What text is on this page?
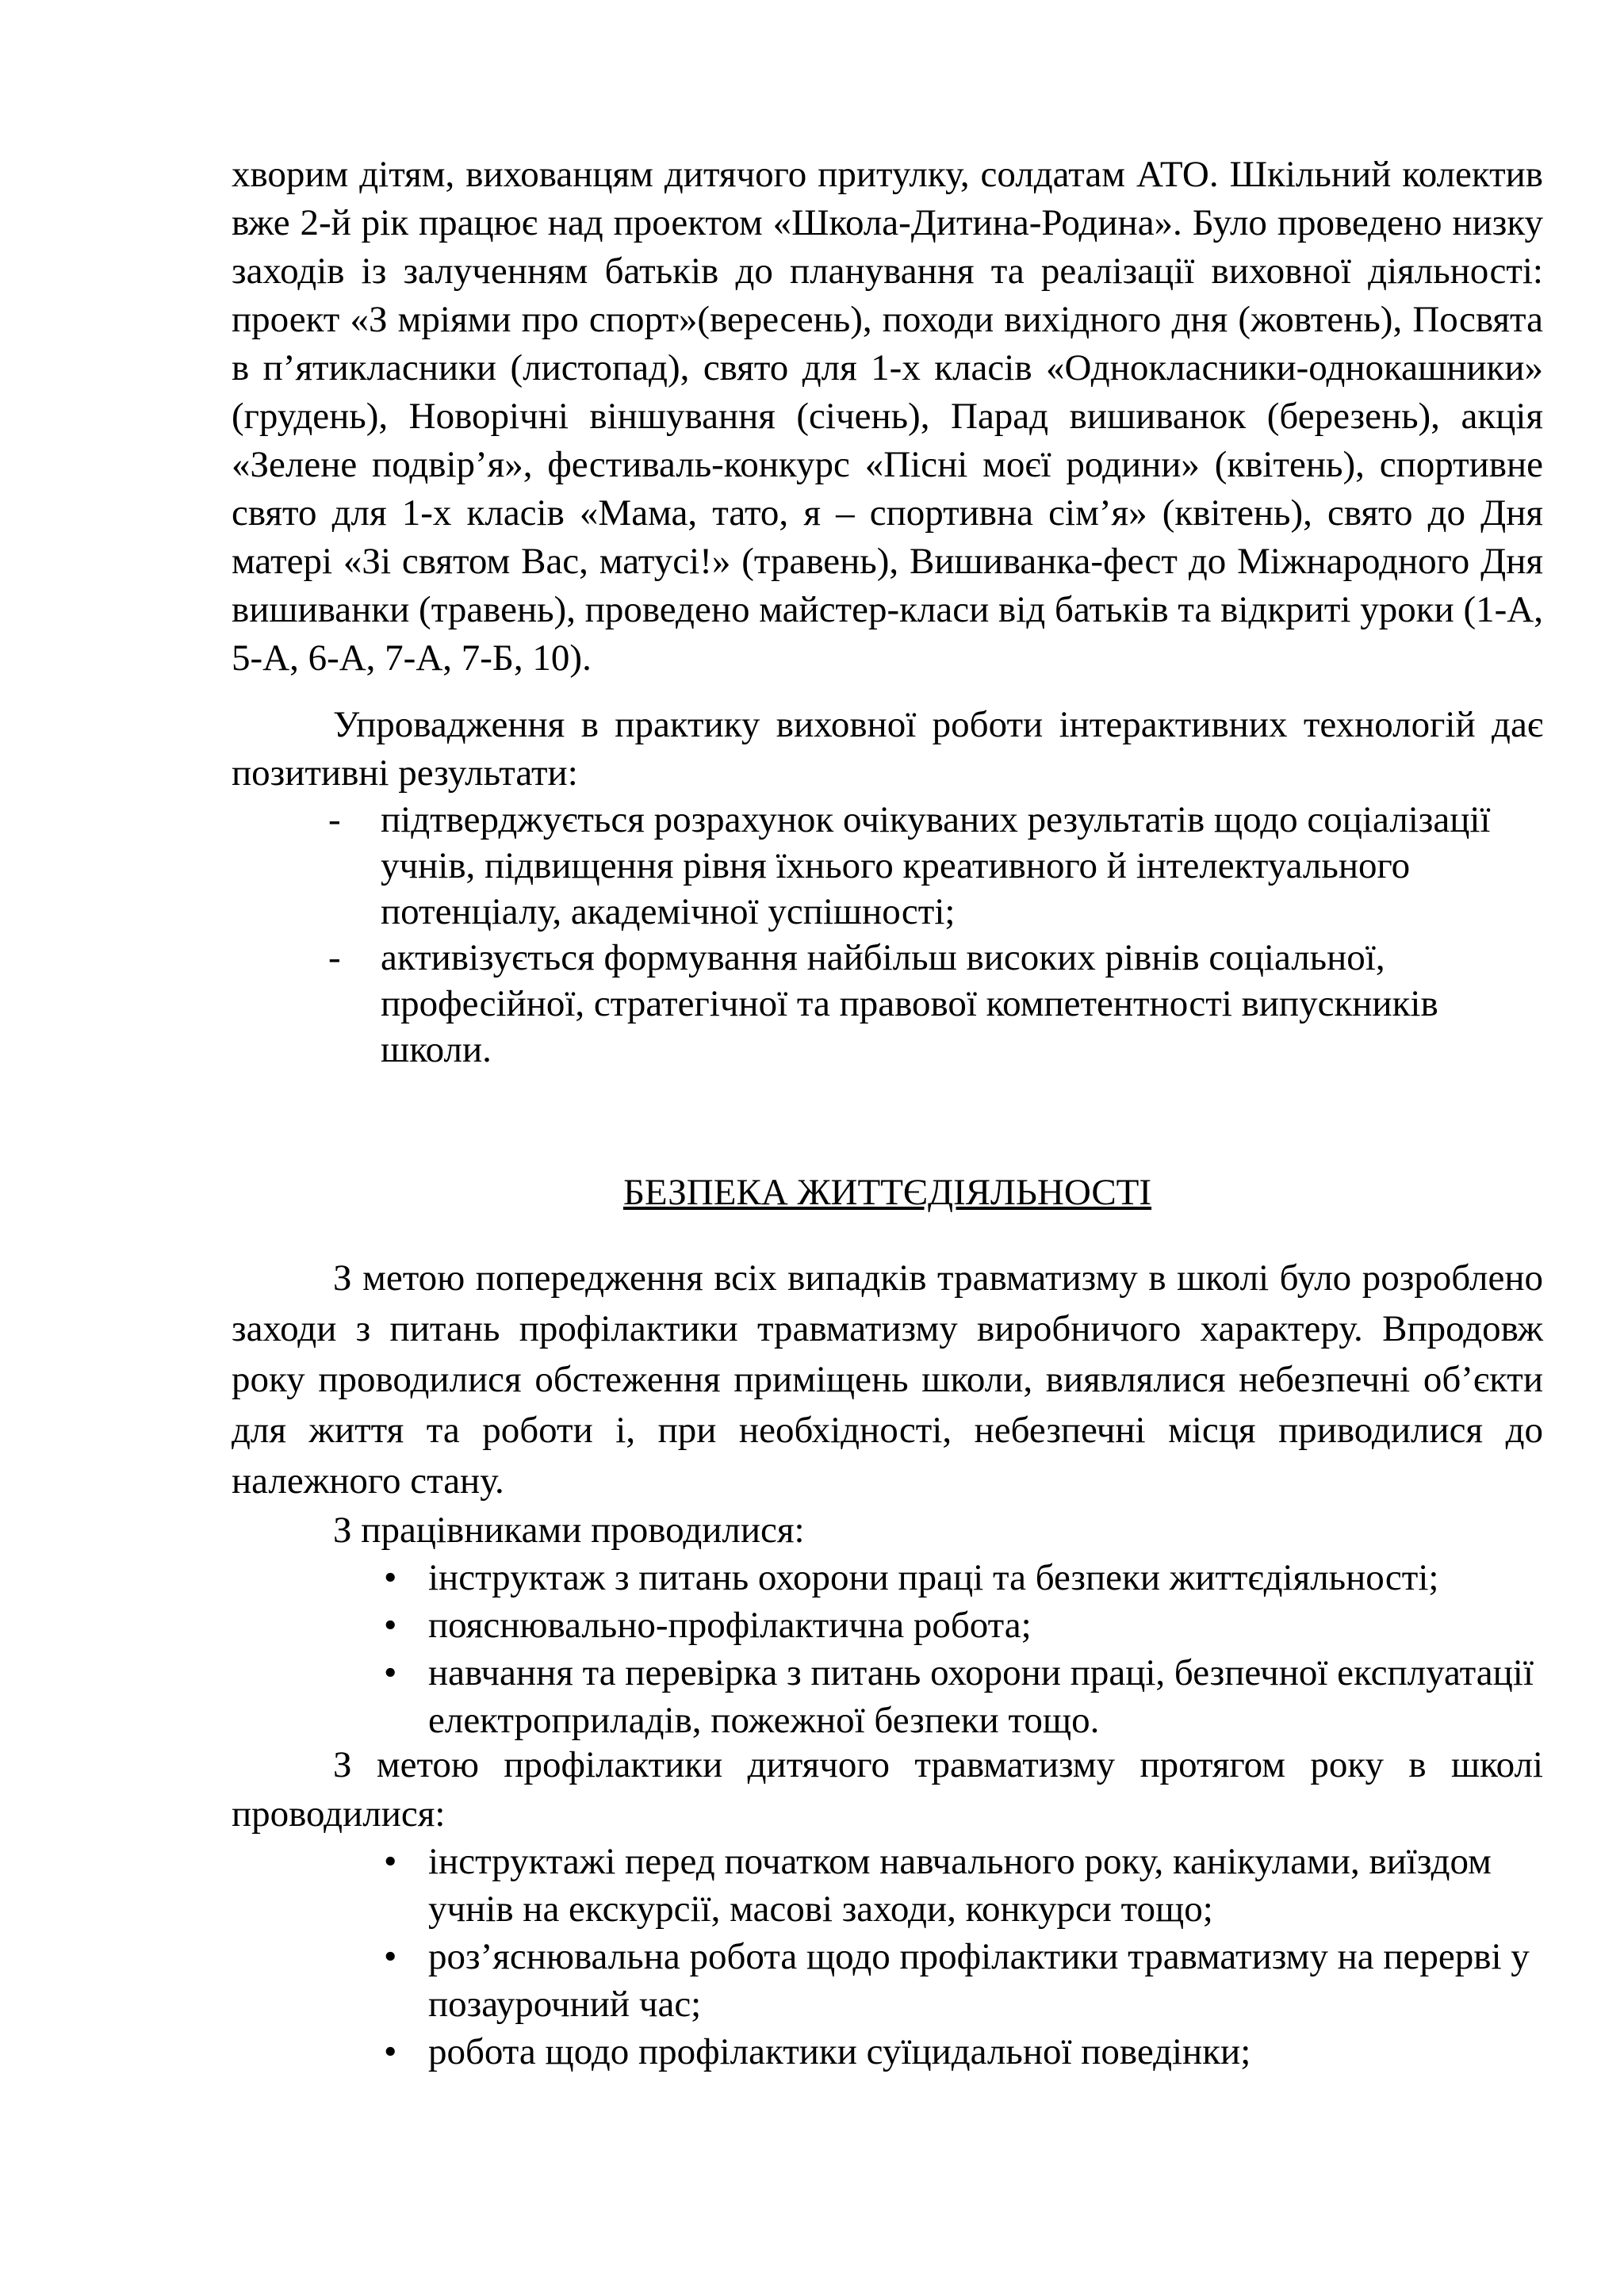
хворим дітям, вихованцям дитячого притулку, солдатам АТО. Шкільний колектив вже 2-й рік працює над проектом «Школа-Дитина-Родина». Було проведено низку заходів із залученням батьків до планування та реалізації виховної діяльності: проект «З мріями про спорт»(вересень), походи вихідного дня (жовтень), Посвята в п’ятикласники (листопад), свято для 1-х класів «Однокласники-однокашники» (грудень), Новорічні віншування (січень), Парад вишиванок (березень), акція «Зелене подвір’я», фестиваль-конкурс «Пісні моєї родини» (квітень), спортивне свято для 1-х класів «Мама, тато, я – спортивна сім’я» (квітень), свято до Дня матері «Зі святом Вас, матусі!» (травень), Вишиванка-фест до Міжнародного Дня вишиванки (травень), проведено майстер-класи від батьків та відкриті уроки (1-А, 5-А, 6-А, 7-А, 7-Б, 10).
Упровадження в практику виховної роботи інтерактивних технологій дає позитивні результати:
- підтверджується розрахунок очікуваних результатів щодо соціалізації учнів, підвищення рівня їхнього креативного й інтелектуального потенціалу, академічної успішності;
- активізується формування найбільш високих рівнів соціальної, професійної, стратегічної та правової компетентності випускників школи.
БЕЗПЕКА ЖИТТЄДІЯЛЬНОСТІ
З метою попередження всіх випадків травматизму в школі було розроблено заходи з питань профілактики травматизму виробничого характеру. Впродовж року проводилися обстеження приміщень школи, виявлялися небезпечні об’єкти для життя та роботи і, при необхідності, небезпечні місця приводилися до належного стану.
З працівниками проводилися:
• інструктаж з питань охорони праці та безпеки життєдіяльності;
• пояснювально-профілактична робота;
• навчання та перевірка з питань охорони праці, безпечної експлуатації електроприладів, пожежної безпеки тощо.
З метою профілактики дитячого травматизму протягом року в школі проводилися:
• інструктажі перед початком навчального року, канікулами, виїздом учнів на екскурсії, масові заходи, конкурси тощо;
• роз’яснювальна робота щодо профілактики травматизму на перерві у позаурочний час;
• робота щодо профілактики суїцидальної поведінки;
